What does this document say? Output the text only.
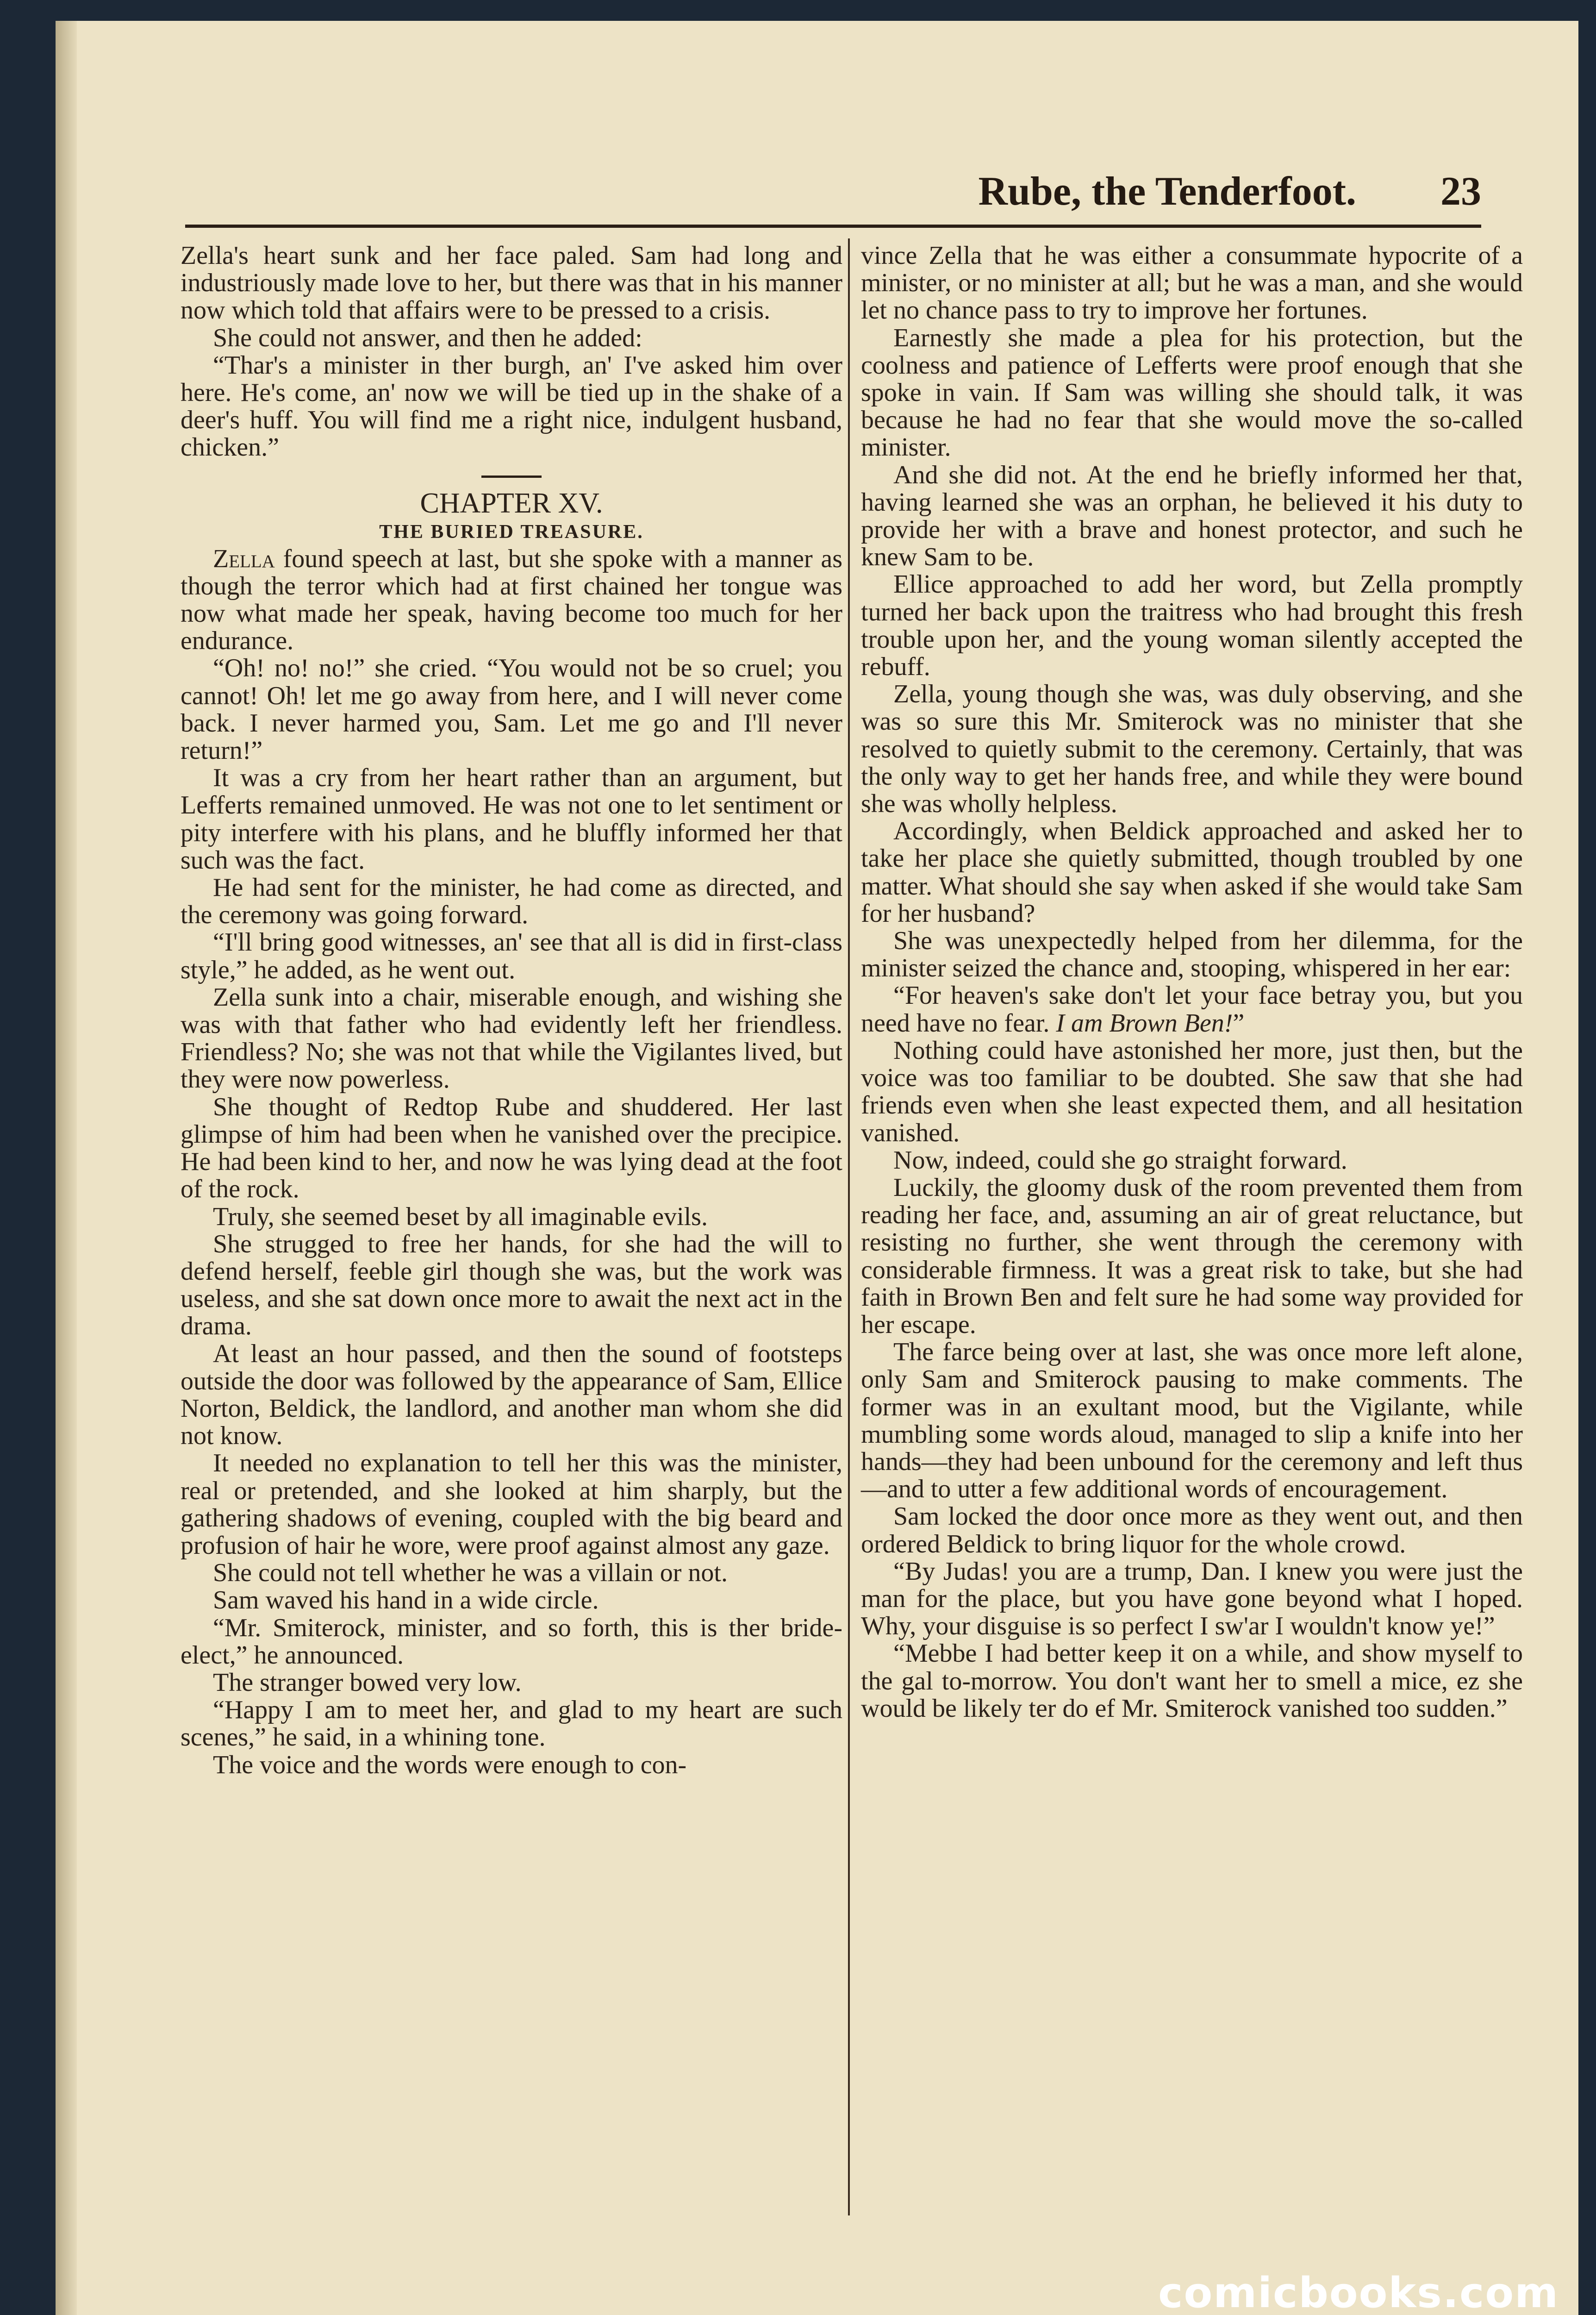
Rube, the Tenderfoot. 23

Zella's heart sunk and her face paled. Sam had long and industriously made love to her, but there was that in his manner now which told that affairs were to be pressed to a crisis.

She could not answer, and then he added:

“Thar's a minister in ther burgh, an' I've asked him over here. He's come, an' now we will be tied up in the shake of a deer's huff. You will find me a right nice, indulgent husband, chicken.”

CHAPTER XV.

THE BURIED TREASURE.

Zella found speech at last, but she spoke with a manner as though the terror which had at first chained her tongue was now what made her speak, having become too much for her endurance.

“Oh! no! no!” she cried. “You would not be so cruel; you cannot! Oh! let me go away from here, and I will never come back. I never harmed you, Sam. Let me go and I'll never return!”

It was a cry from her heart rather than an argument, but Lefferts remained unmoved. He was not one to let sentiment or pity interfere with his plans, and he bluffly informed her that such was the fact.

He had sent for the minister, he had come as directed, and the ceremony was going forward.

“I'll bring good witnesses, an' see that all is did in first-class style,” he added, as he went out.

Zella sunk into a chair, miserable enough, and wishing she was with that father who had evidently left her friendless. Friendless? No; she was not that while the Vigilantes lived, but they were now powerless.

She thought of Redtop Rube and shuddered. Her last glimpse of him had been when he vanished over the precipice. He had been kind to her, and now he was lying dead at the foot of the rock.

Truly, she seemed beset by all imaginable evils.

She strugged to free her hands, for she had the will to defend herself, feeble girl though she was, but the work was useless, and she sat down once more to await the next act in the drama.

At least an hour passed, and then the sound of footsteps outside the door was followed by the appearance of Sam, Ellice Norton, Beldick, the landlord, and another man whom she did not know.

It needed no explanation to tell her this was the minister, real or pretended, and she looked at him sharply, but the gathering shadows of evening, coupled with the big beard and profusion of hair he wore, were proof against almost any gaze.

She could not tell whether he was a villain or not.

Sam waved his hand in a wide circle.

“Mr. Smiterock, minister, and so forth, this is ther bride-elect,” he announced.

The stranger bowed very low.

“Happy I am to meet her, and glad to my heart are such scenes,” he said, in a whining tone.

The voice and the words were enough to con-

vince Zella that he was either a consummate hypocrite of a minister, or no minister at all; but he was a man, and she would let no chance pass to try to improve her fortunes.

Earnestly she made a plea for his protection, but the coolness and patience of Lefferts were proof enough that she spoke in vain. If Sam was willing she should talk, it was because he had no fear that she would move the so-called minister.

And she did not. At the end he briefly informed her that, having learned she was an orphan, he believed it his duty to provide her with a brave and honest protector, and such he knew Sam to be.

Ellice approached to add her word, but Zella promptly turned her back upon the traitress who had brought this fresh trouble upon her, and the young woman silently accepted the rebuff.

Zella, young though she was, was duly observing, and she was so sure this Mr. Smiterock was no minister that she resolved to quietly submit to the ceremony. Certainly, that was the only way to get her hands free, and while they were bound she was wholly helpless.

Accordingly, when Beldick approached and asked her to take her place she quietly submitted, though troubled by one matter. What should she say when asked if she would take Sam for her husband?

She was unexpectedly helped from her dilemma, for the minister seized the chance and, stooping, whispered in her ear:

“For heaven's sake don't let your face betray you, but you need have no fear. I am Brown Ben!”

Nothing could have astonished her more, just then, but the voice was too familiar to be doubted. She saw that she had friends even when she least expected them, and all hesitation vanished.

Now, indeed, could she go straight forward.

Luckily, the gloomy dusk of the room prevented them from reading her face, and, assuming an air of great reluctance, but resisting no further, she went through the ceremony with considerable firmness. It was a great risk to take, but she had faith in Brown Ben and felt sure he had some way provided for her escape.

The farce being over at last, she was once more left alone, only Sam and Smiterock pausing to make comments. The former was in an exultant mood, but the Vigilante, while mumbling some words aloud, managed to slip a knife into her hands—they had been unbound for the ceremony and left thus—and to utter a few additional words of encouragement.

Sam locked the door once more as they went out, and then ordered Beldick to bring liquor for the whole crowd.

“By Judas! you are a trump, Dan. I knew you were just the man for the place, but you have gone beyond what I hoped. Why, your disguise is so perfect I sw'ar I wouldn't know ye!”

“Mebbe I had better keep it on a while, and show myself to the gal to-morrow. You don't want her to smell a mice, ez she would be likely ter do ef Mr. Smiterock vanished too sudden.”

comicbooks.com
